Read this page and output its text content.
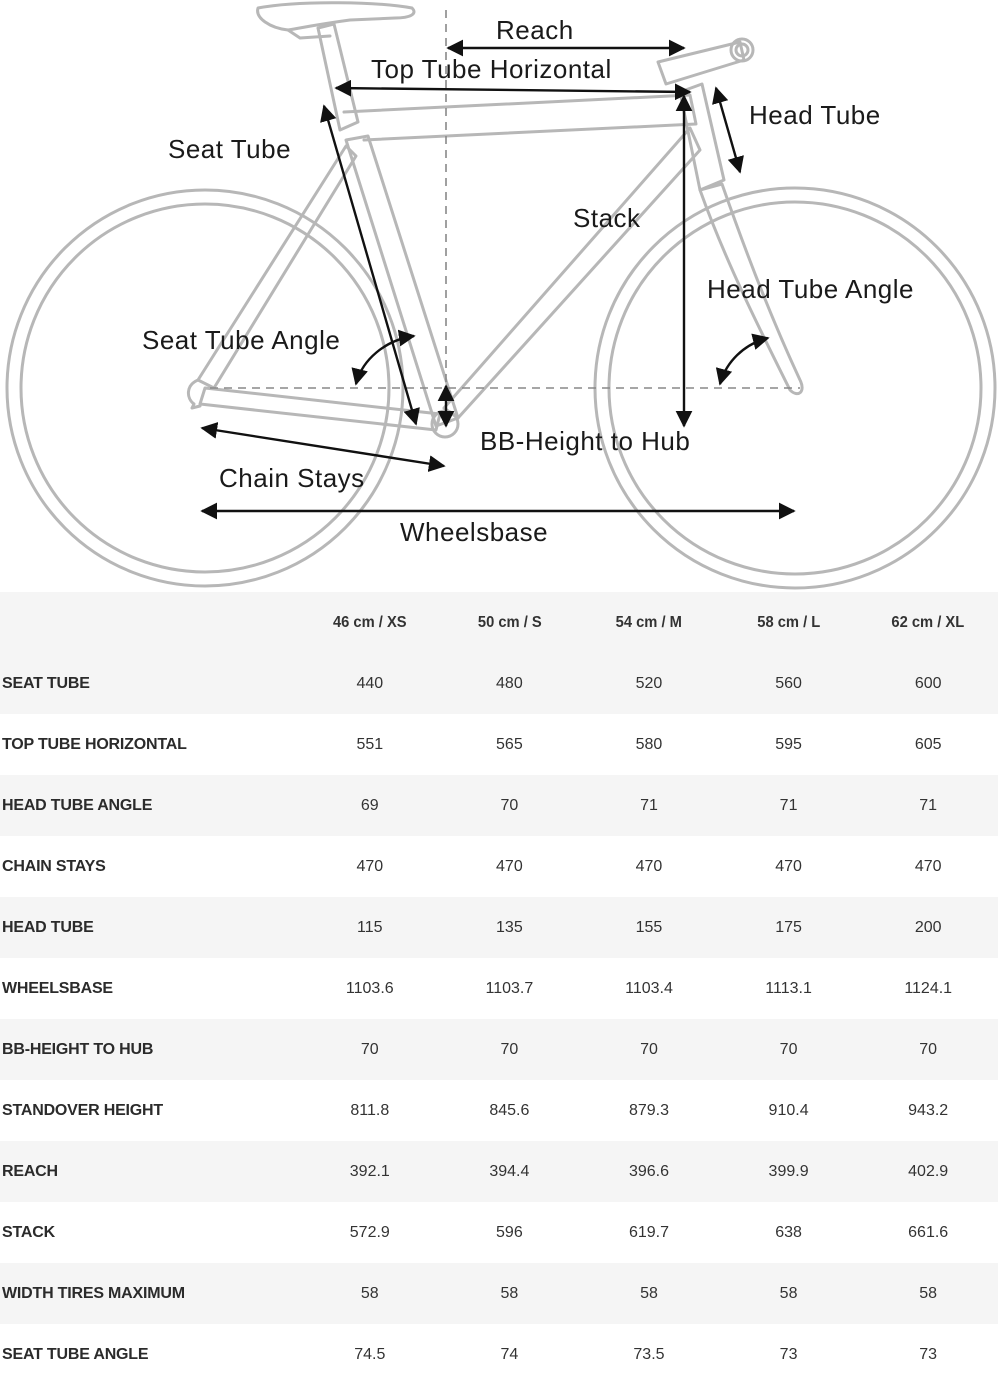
Reach
Top Tube Horizontal
Head Tube
Seat Tube
Stack
Head Tube Angle
Seat Tube Angle
BB-Height to Hub
Chain Stays
Wheelsbase
	46 cm / XS	50 cm / S	54 cm / M	58 cm / L	62 cm / XL
SEAT TUBE	440	480	520	560	600
TOP TUBE HORIZONTAL	551	565	580	595	605
HEAD TUBE ANGLE	69	70	71	71	71
CHAIN STAYS	470	470	470	470	470
HEAD TUBE	115	135	155	175	200
WHEELSBASE	1103.6	1103.7	1103.4	1113.1	1124.1
BB-HEIGHT TO HUB	70	70	70	70	70
STANDOVER HEIGHT	811.8	845.6	879.3	910.4	943.2
REACH	392.1	394.4	396.6	399.9	402.9
STACK	572.9	596	619.7	638	661.6
WIDTH TIRES MAXIMUM	58	58	58	58	58
SEAT TUBE ANGLE	74.5	74	73.5	73	73
